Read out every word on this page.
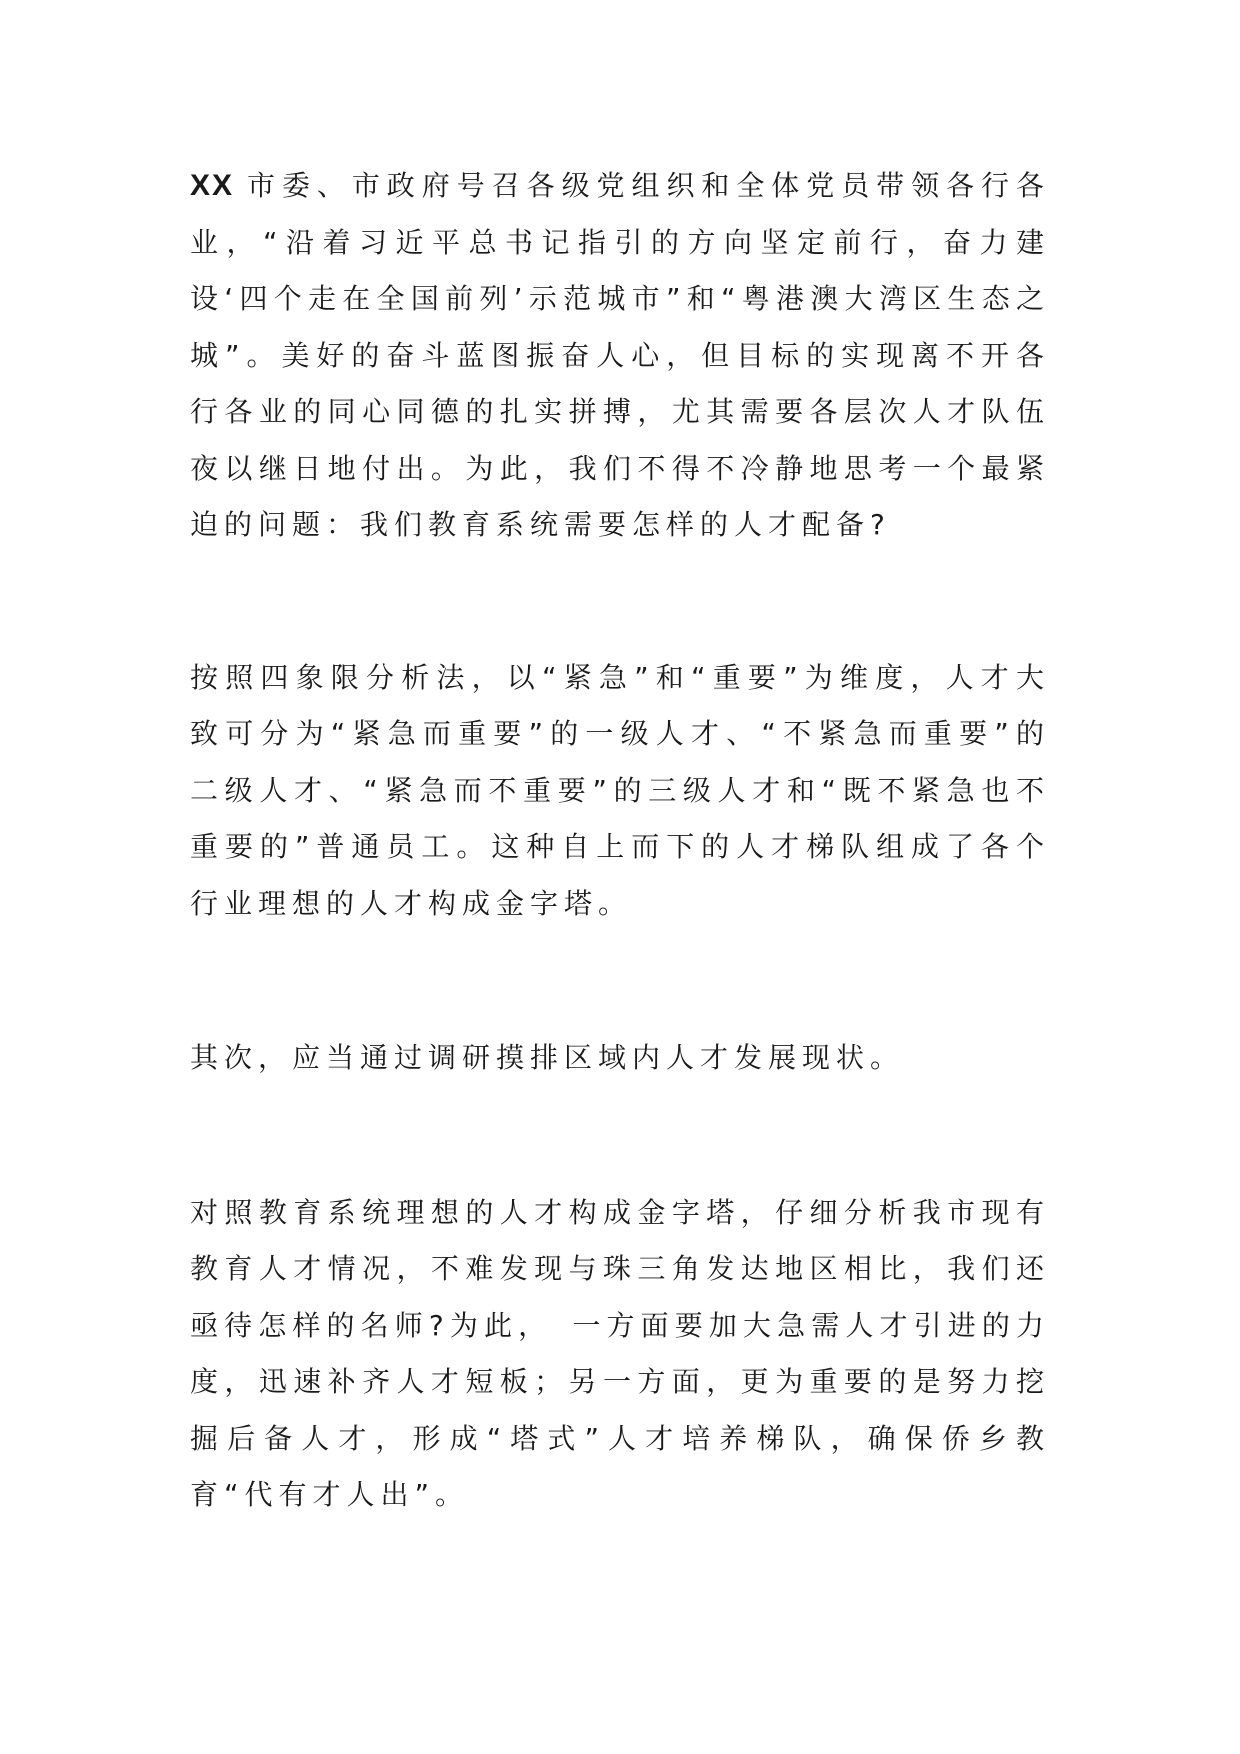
XX 市委、市政府号召各级党组织和全体党员带领各行各业，“沿着习近平总书记指引的方向坚定前行，奋力建设‘四个走在全国前列’示范城市”和“粤港澳大湾区生态之城”。美好的奋斗蓝图振奋人心，但目标的实现离不开各行各业的同心同德的扎实拼搏，尤其需要各层次人才队伍夜以继日地付出。为此，我们不得不冷静地思考一个最紧迫的问题：我们教育系统需要怎样的人才配备?

按照四象限分析法，以“紧急”和“重要”为维度，人才大致可分为“紧急而重要”的一级人才、“不紧急而重要”的二级人才、“紧急而不重要”的三级人才和“既不紧急也不重要的”普通员工。这种自上而下的人才梯队组成了各个行业理想的人才构成金字塔。

其次，应当通过调研摸排区域内人才发展现状。

对照教育系统理想的人才构成金字塔，仔细分析我市现有教育人才情况，不难发现与珠三角发达地区相比，我们还亟待怎样的名师?为此，　一方面要加大急需人才引进的力度，迅速补齐人才短板；另一方面，更为重要的是努力挖掘后备人才，形成“塔式”人才培养梯队，确保侨乡教育“代有才人出”。
